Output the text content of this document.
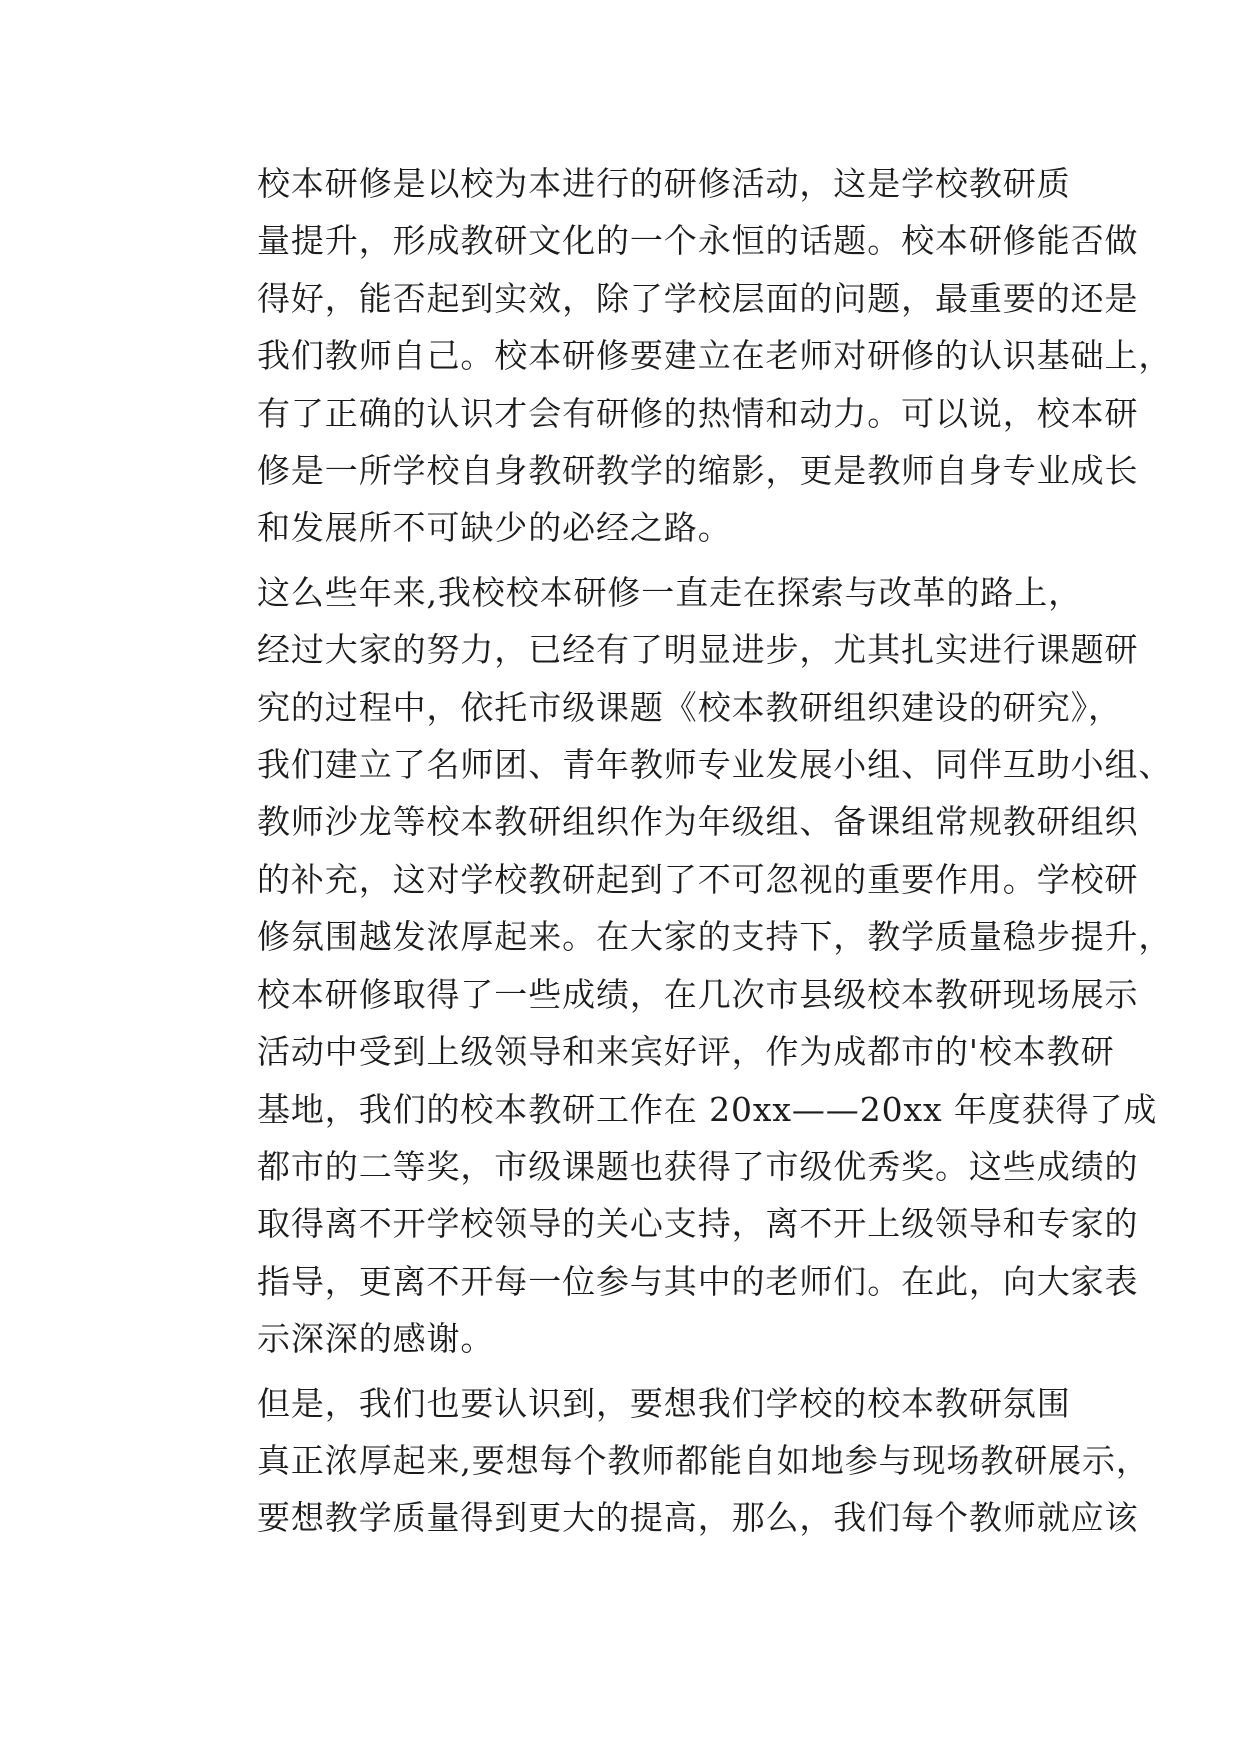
校本研修是以校为本进行的研修活动，这是学校教研质
量提升，形成教研文化的一个永恒的话题。校本研修能否做
得好，能否起到实效，除了学校层面的问题，最重要的还是
我们教师自己。校本研修要建立在老师对研修的认识基础上，
有了正确的认识才会有研修的热情和动力。可以说，校本研
修是一所学校自身教研教学的缩影，更是教师自身专业成长
和发展所不可缺少的必经之路。

这么些年来,我校校本研修一直走在探索与改革的路上，
经过大家的努力，已经有了明显进步，尤其扎实进行课题研
究的过程中，依托市级课题《校本教研组织建设的研究》，
我们建立了名师团、青年教师专业发展小组、同伴互助小组、
教师沙龙等校本教研组织作为年级组、备课组常规教研组织
的补充，这对学校教研起到了不可忽视的重要作用。学校研
修氛围越发浓厚起来。在大家的支持下，教学质量稳步提升，
校本研修取得了一些成绩，在几次市县级校本教研现场展示
活动中受到上级领导和来宾好评，作为成都市的'校本教研
基地，我们的校本教研工作在 20xx——20xx 年度获得了成
都市的二等奖，市级课题也获得了市级优秀奖。这些成绩的
取得离不开学校领导的关心支持，离不开上级领导和专家的
指导，更离不开每一位参与其中的老师们。在此，向大家表
示深深的感谢。

但是，我们也要认识到，要想我们学校的校本教研氛围
真正浓厚起来,要想每个教师都能自如地参与现场教研展示，
要想教学质量得到更大的提高，那么，我们每个教师就应该
